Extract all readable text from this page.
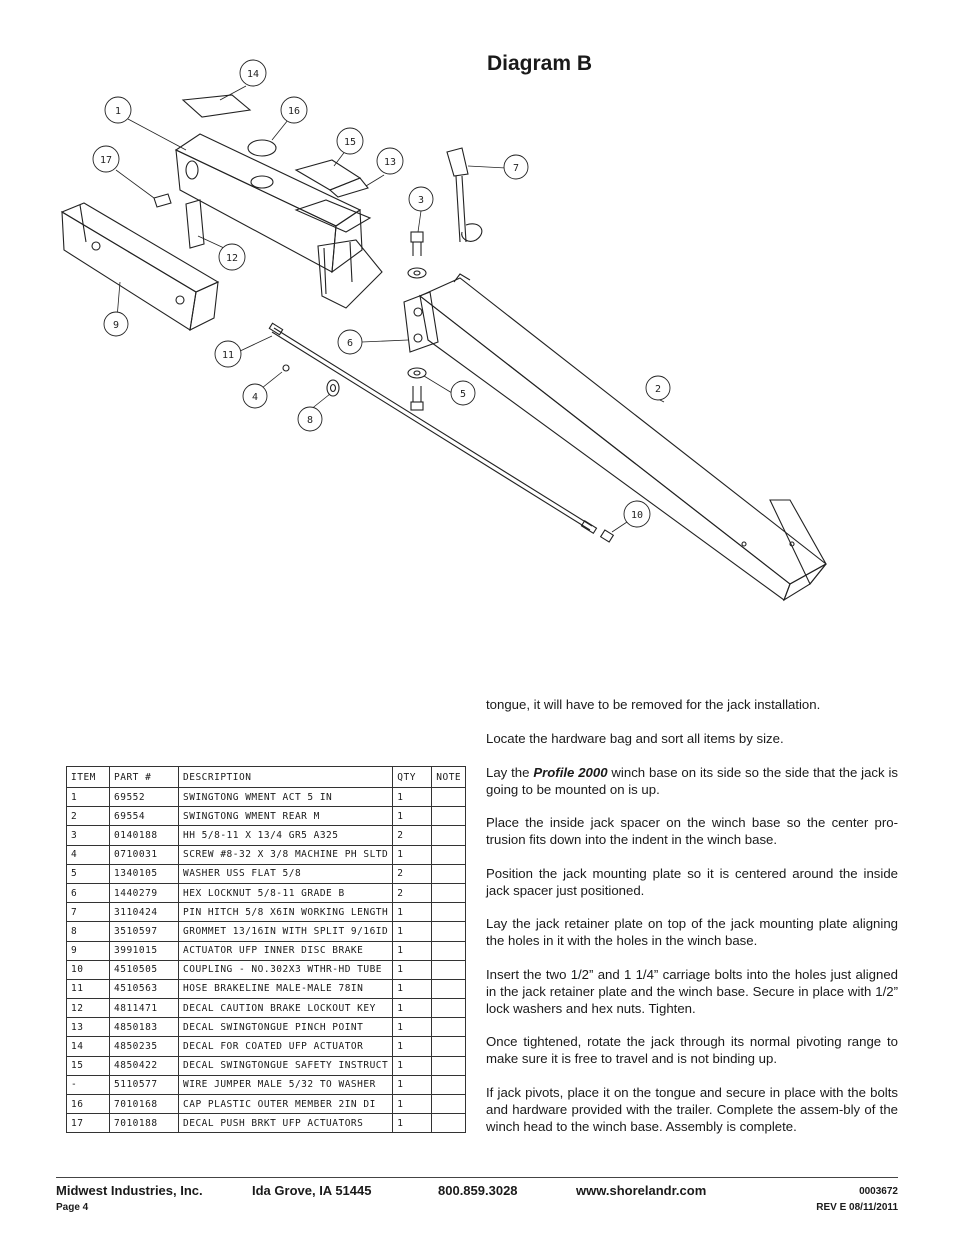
Diagram B
14
16
1
15
13
17
7
3
12
9
6
2
11
4	5
8
10
ITEM	PART #	DESCRIPTION	QTY	NOTE
1	69552	SWINGTONG WMENT ACT 5 IN	1	
2	69554	SWINGTONG WMENT REAR M	1	
3	0140188	HH 5/8-11 X 13/4 GR5 A325	2	
4	0710031	SCREW #8-32 X 3/8 MACHINE PH SLTD	1	
5	1340105	WASHER USS FLAT 5/8	2	
6	1440279	HEX LOCKNUT 5/8-11 GRADE B	2	
7	3110424	PIN HITCH 5/8 X6IN WORKING LENGTH	1	
8	3510597	GROMMET 13/16IN WITH SPLIT 9/16ID	1	
9	3991015	ACTUATOR UFP INNER DISC BRAKE	1	
10	4510505	COUPLING - NO.302X3 WTHR-HD TUBE	1	
11	4510563	HOSE BRAKELINE MALE-MALE 78IN	1	
12	4811471	DECAL CAUTION BRAKE LOCKOUT KEY	1	
13	4850183	DECAL SWINGTONGUE PINCH POINT	1	
14	4850235	DECAL FOR COATED UFP ACTUATOR	1	
15	4850422	DECAL SWINGTONGUE SAFETY INSTRUCT	1	
-	5110577	WIRE JUMPER MALE 5/32 TO WASHER	1	
16	7010168	CAP PLASTIC OUTER MEMBER 2IN DI	1	
17	7010188	DECAL PUSH BRKT UFP ACTUATORS	1	

tongue, it will have to be removed for the jack installation.

Locate the hardware bag and sort all items by size.

Lay the Profile 2000 winch base on its side so the side that the jack is going to be mounted on is up.

Place the inside jack spacer on the winch base so the center pro-trusion fits down into the indent in the winch base.

Position the jack mounting plate so it is centered around the inside jack spacer just positioned.

Lay the jack retainer plate on top of the jack mounting plate aligning the holes in it with the holes in the winch base.

Insert the two 1/2” and 1 1/4” carriage bolts into the holes just aligned in the jack retainer plate and the winch base. Secure in place with 1/2” lock washers and hex nuts. Tighten.

Once tightened, rotate the jack through its normal pivoting range to make sure it is free to travel and is not binding up.

If jack pivots, place it on the tongue and secure in place with the bolts and hardware provided with the trailer. Complete the assem-bly of the winch head to the winch base. Assembly is complete.

Midwest Industries, Inc.	Ida Grove, IA 51445	800.859.3028	www.shorelandr.com	0003672
Page 4	REV E 08/11/2011
